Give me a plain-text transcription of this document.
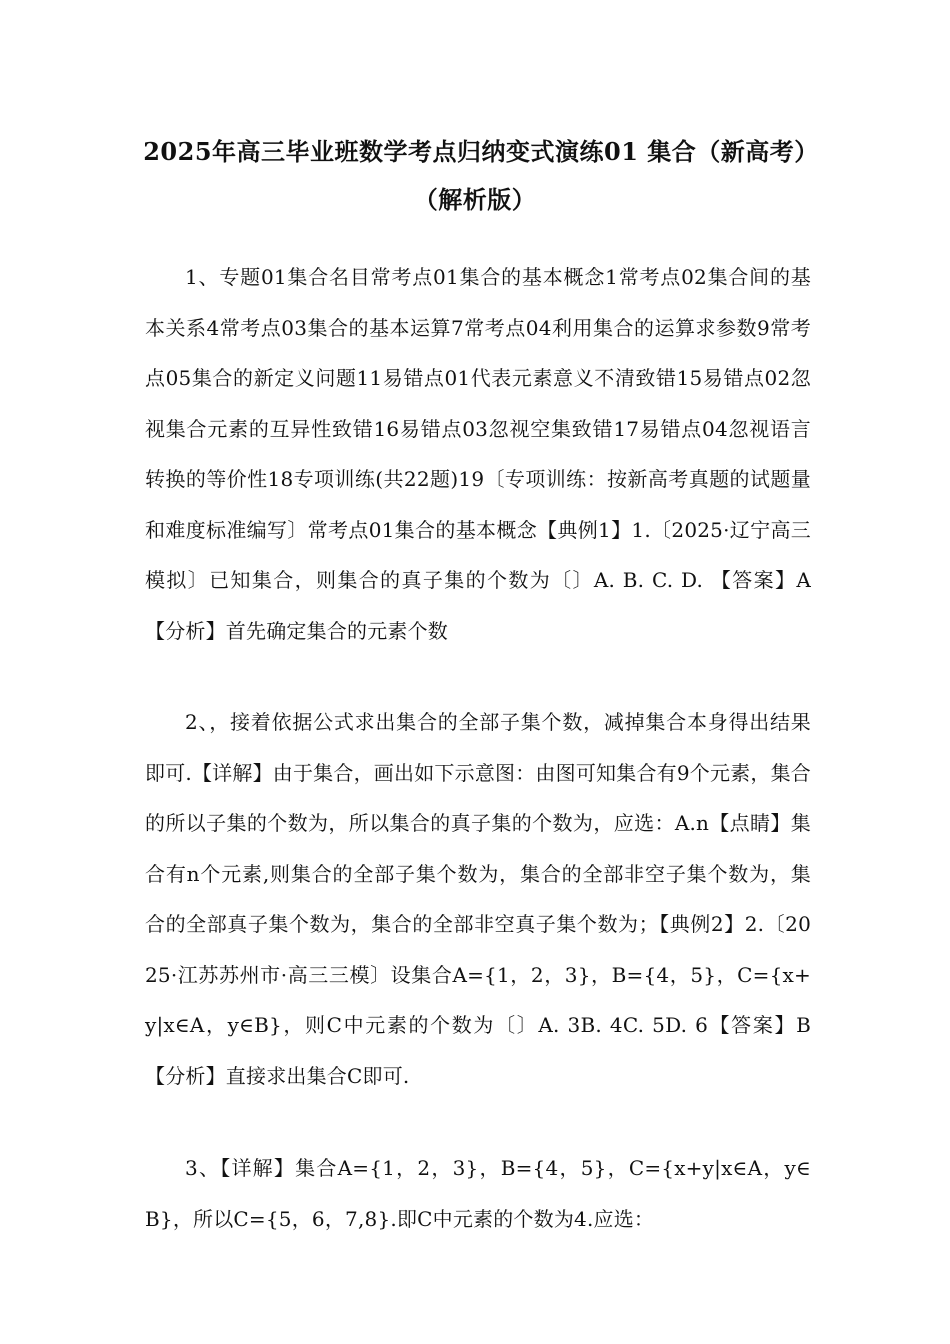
2025年高三毕业班数学考点归纳变式演练01 集合（新高考）（解析版）

1、专题01集合名目常考点01集合的基本概念1常考点02集合间的基本关系4常考点03集合的基本运算7常考点04利用集合的运算求参数9常考点05集合的新定义问题11易错点01代表元素意义不清致错15易错点02忽视集合元素的互异性致错16易错点03忽视空集致错17易错点04忽视语言转换的等价性18专项训练(共22题)19〔专项训练：按新高考真题的试题量和难度标准编写〕常考点01集合的基本概念【典例1】1.〔2025·辽宁高三模拟〕已知集合，则集合的真子集的个数为〔〕A. B. C. D. 【答案】A【分析】首先确定集合的元素个数

2、，接着依据公式求出集合的全部子集个数，减掉集合本身得出结果即可.【详解】由于集合，画出如下示意图：由图可知集合有9个元素，集合的所以子集的个数为，所以集合的真子集的个数为，应选：A.n【点睛】集合有n个元素,则集合的全部子集个数为，集合的全部非空子集个数为，集合的全部真子集个数为，集合的全部非空真子集个数为；【典例2】2.〔2025·江苏苏州市·高三三模〕设集合A={1，2，3}，B={4，5}，C={x+y|x∈A，y∈B}，则C中元素的个数为〔〕A. 3B. 4C. 5D. 6【答案】B【分析】直接求出集合C即可.

3、【详解】集合A={1，2，3}，B={4，5}，C={x+y|x∈A，y∈B}，所以C={5，6，7,8}.即C中元素的个数为4.应选：
